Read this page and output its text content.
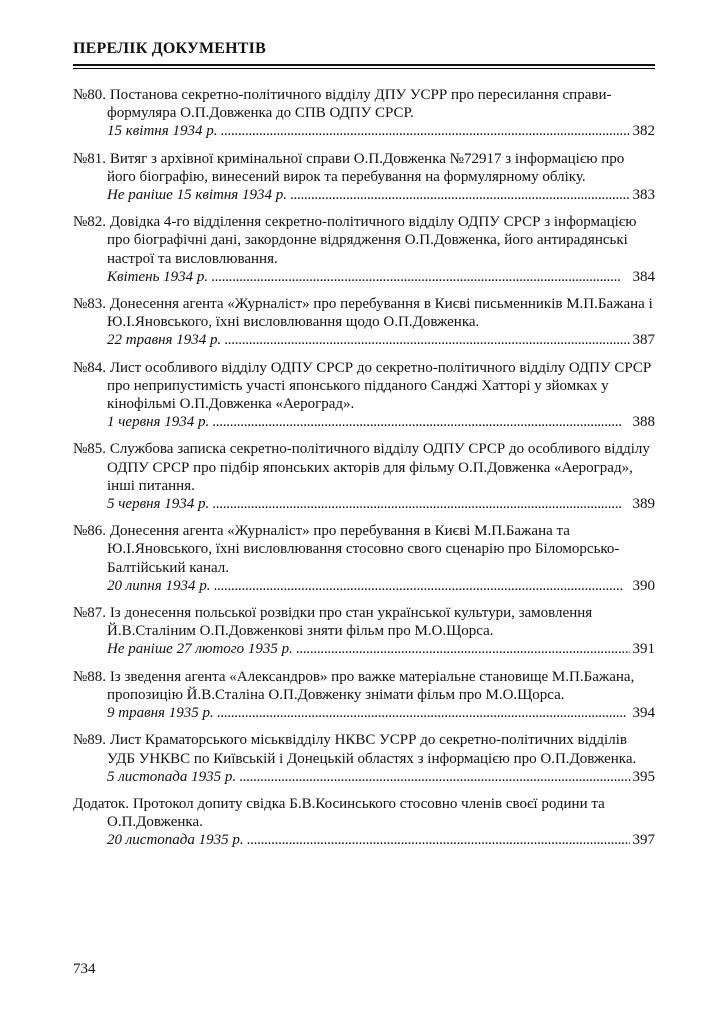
ПЕРЕЛІК ДОКУМЕНТІВ
№80. Постанова секретно-політичного відділу ДПУ УСРР про пересилання справи-формуляра О.П.Довженка до СПВ ОДПУ СРСР.
15 квітня 1934 р. . . .	382
№81. Витяг з архівної кримінальної справи О.П.Довженка №72917 з інформацією про його біографію, винесений вирок та перебування на формулярному обліку.
Не раніше 15 квітня 1934 р. . . .	383
№82. Довідка 4-го відділення секретно-політичного відділу ОДПУ СРСР з інформацією про біографічні дані, закордонне відрядження О.П.Довженка, його антирадянські настрої та висловлювання.
Квітень 1934 р. . . .	384
№83. Донесення агента «Журналіст» про перебування в Києві письменників М.П.Бажана і Ю.І.Яновського, їхні висловлювання щодо О.П.Довженка.
22 травня 1934 р. . . .	387
№84. Лист особливого відділу ОДПУ СРСР до секретно-політичного відділу ОДПУ СРСР про неприпустимість участі японського підданого Санджі Хатторі у зйомках у кінофільмі О.П.Довженка «Аероград».
1 червня 1934 р. . . .	388
№85. Службова записка секретно-політичного відділу ОДПУ СРСР до особливого відділу ОДПУ СРСР про підбір японських акторів для фільму О.П.Довженка «Аероград», інші питання.
5 червня 1934 р. . . .	389
№86. Донесення агента «Журналіст» про перебування в Києві М.П.Бажана та Ю.І.Яновського, їхні висловлювання стосовно свого сценарію про Біломорсько-Балтійський канал.
20 липня 1934 р. . . .	390
№87. Із донесення польської розвідки про стан української культури, замовлення Й.В.Сталіним О.П.Довженкові зняти фільм про М.О.Щорса.
Не раніше 27 лютого 1935 р. . . .	391
№88. Із зведення агента «Александров» про важке матеріальне становище М.П.Бажана, пропозицію Й.В.Сталіна О.П.Довженку знімати фільм про М.О.Щорса.
9 травня 1935 р. . . .	394
№89. Лист Краматорського міськвідділу НКВС УСРР до секретно-політичних відділів УДБ УНКВС по Київській і Донецькій областях з інформацією про О.П.Довженка.
5 листопада 1935 р. . . .	395
Додаток. Протокол допиту свідка Б.В.Косинського стосовно членів своєї родини та О.П.Довженка.
20 листопада 1935 р. . . .	397
734
